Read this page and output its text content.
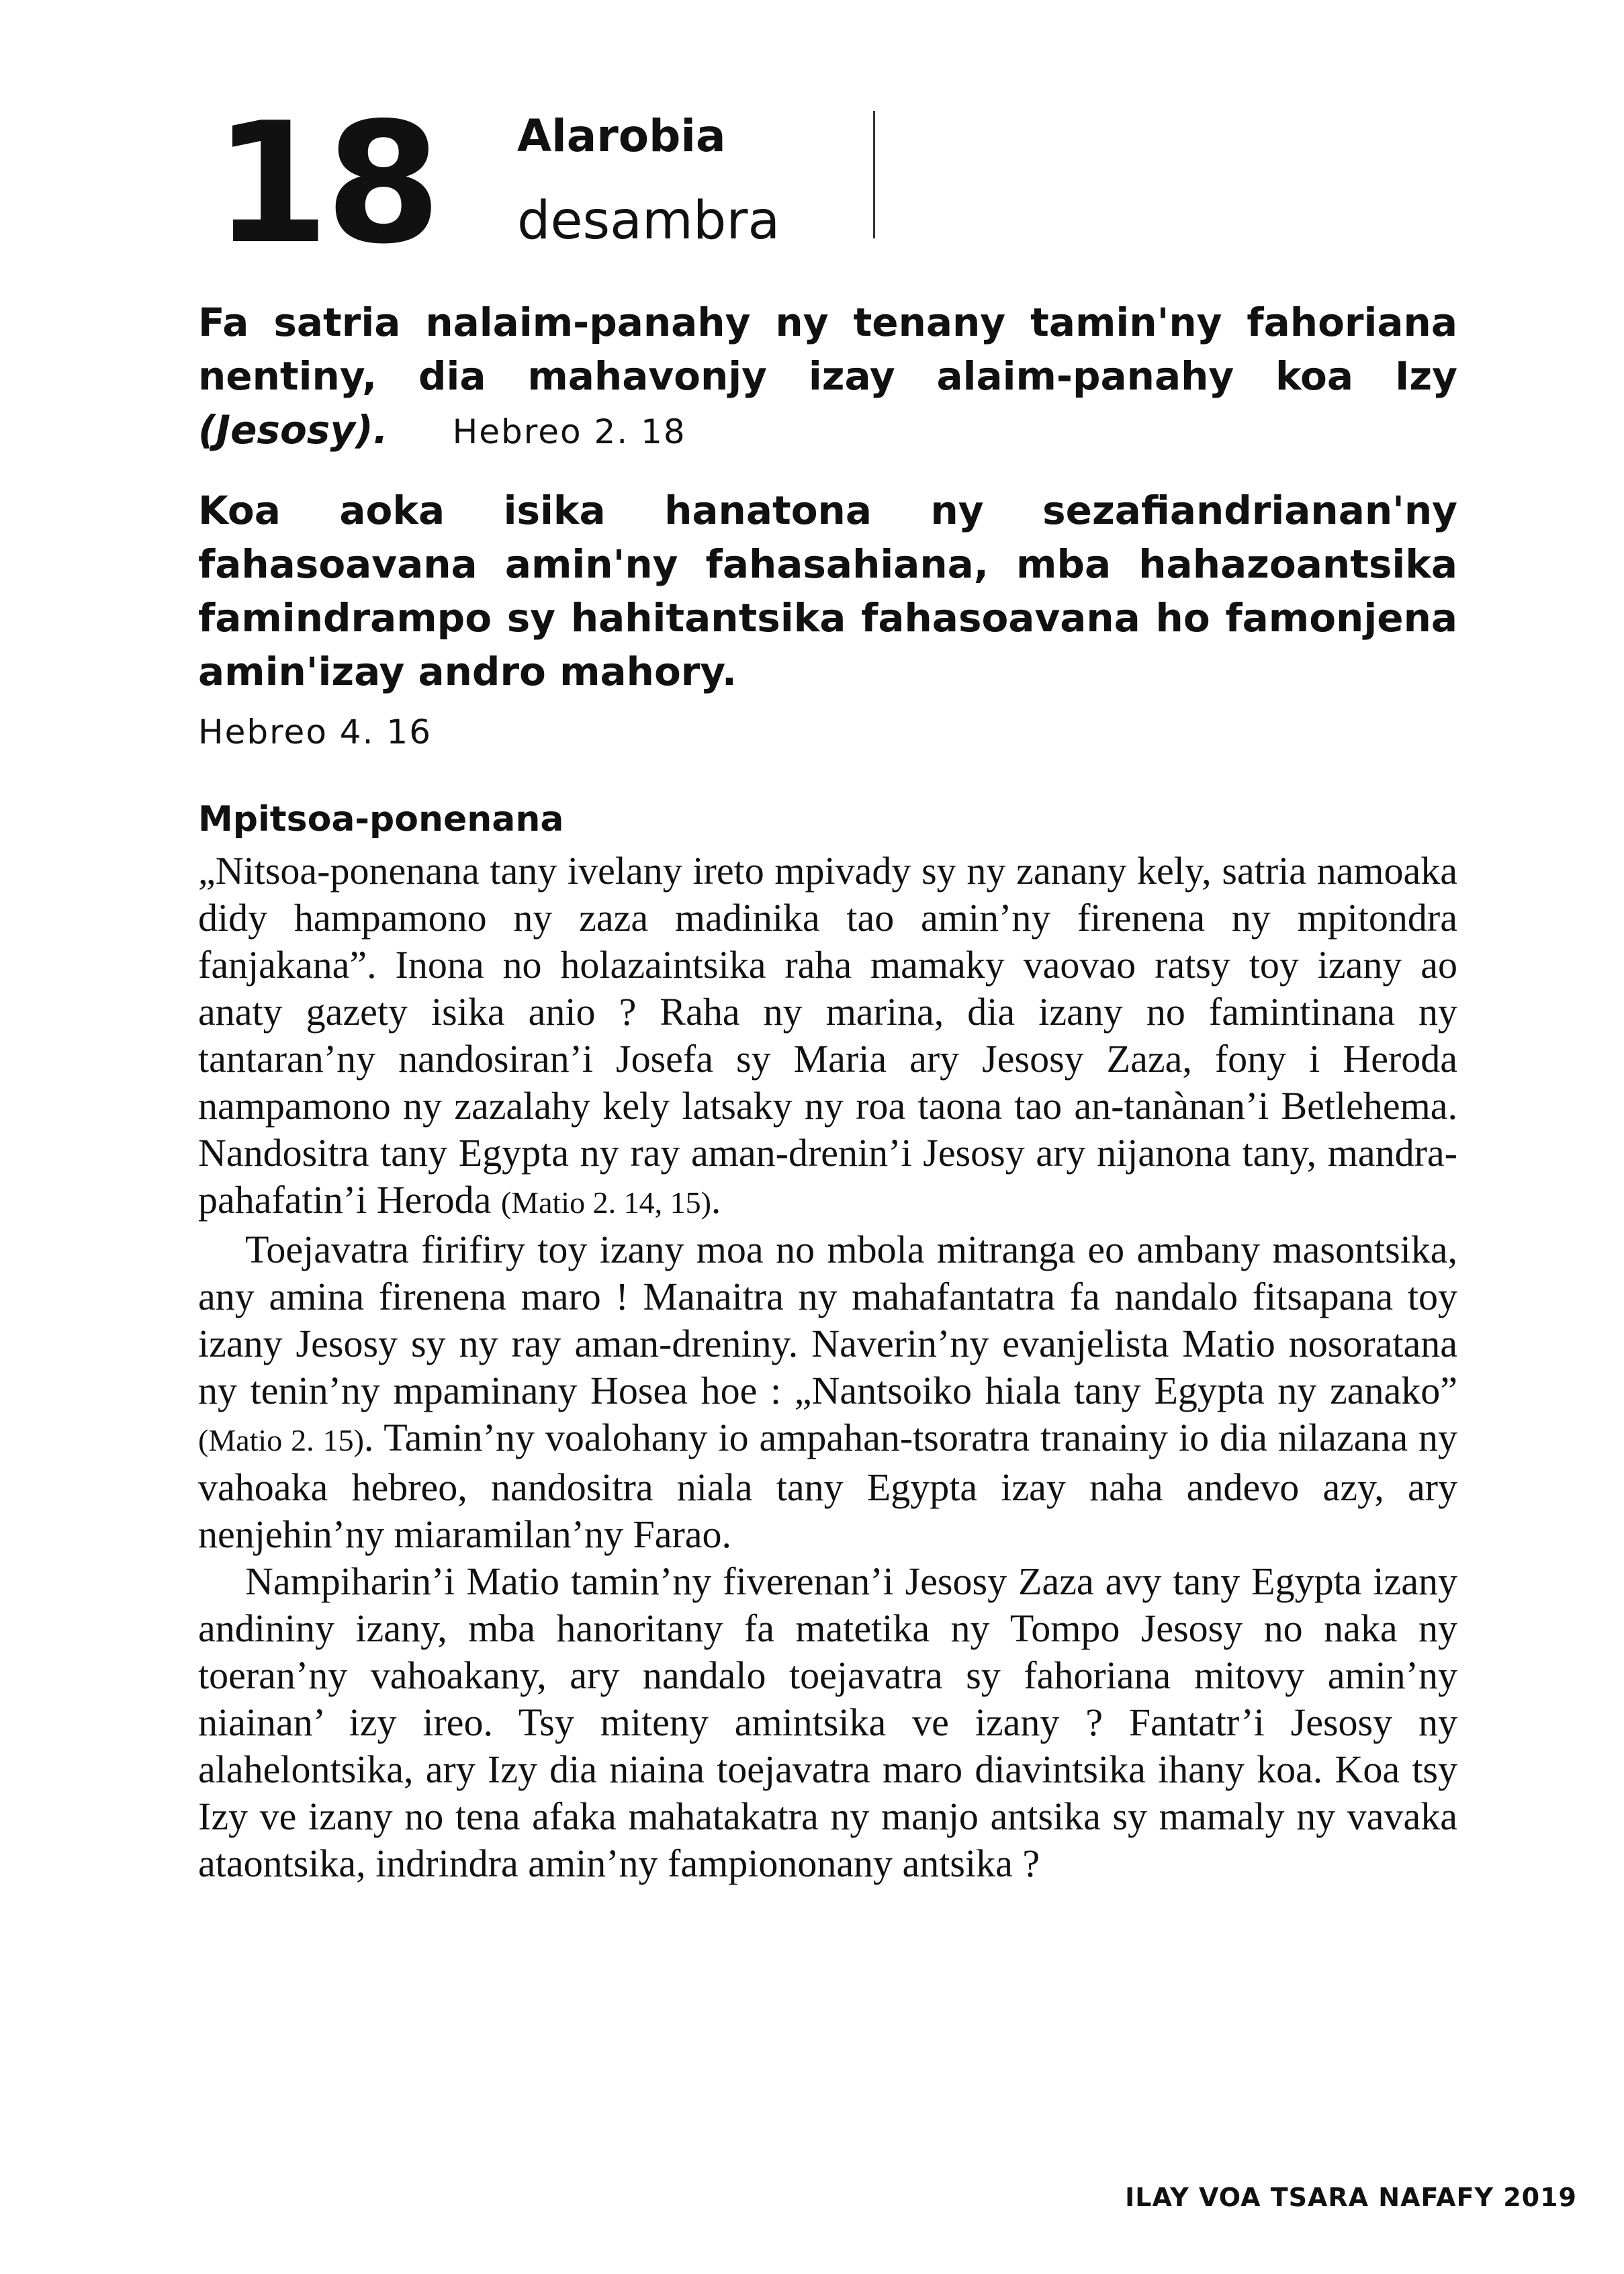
18 Alarobia
desambra
Fa satria nalaim-panahy ny tenany tamin'ny fahoriana nentiny, dia mahavonjy izay alaim-panahy koa Izy (Jesosy). Hebreo 2. 18
Koa aoka isika hanatona ny sezafiandrianan'ny fahasoavana amin'ny fahasahiana, mba hahazoantsika famindrampo sy hahitantsika fahasoavana ho famonjena amin'izay andro mahory.
Hebreo 4. 16
Mpitsoa-ponenana

„Nitsoa-ponenana tany ivelany ireto mpivady sy ny zanany kely, satria namoaka didy hampamono ny zaza madinika tao amin’ny firenena ny mpitondra fanjakana”. Inona no holazaintsika raha mamaky vaovao ratsy toy izany ao anaty gazety isika anio ? Raha ny marina, dia izany no famintinana ny tantaran’ny nandosiran’i Josefa sy Maria ary Jesosy Zaza, fony i Heroda nampamono ny zazalahy kely latsaky ny roa taona tao an-tanànan’i Betlehema. Nandositra tany Egypta ny ray aman-drenin’i Jesosy ary nijanona tany, mandra-pahafatin’i Heroda (Matio 2. 14, 15).

Toejavatra firifiry toy izany moa no mbola mitranga eo ambany masontsika, any amina firenena maro ! Manaitra ny mahafantatra fa nandalo fitsapana toy izany Jesosy sy ny ray aman-dreniny. Naverin’ny evanjelista Matio nosoratana ny tenin’ny mpaminany Hosea hoe : „Nantsoiko hiala tany Egypta ny zanako” (Matio 2. 15). Tamin’ny voalohany io ampahan-tsoratra tranainy io dia nilazana ny vahoaka hebreo, nandositra niala tany Egypta izay naha andevo azy, ary nenjehin’ny miaramilan’ny Farao.

Nampiharin’i Matio tamin’ny fiverenan’i Jesosy Zaza avy tany Egypta izany andininy izany, mba hanoritany fa matetika ny Tompo Jesosy no naka ny toeran’ny vahoakany, ary nandalo toejavatra sy fahoriana mitovy amin’ny niainan’ izy ireo. Tsy miteny amintsika ve izany ? Fantatr’i Jesosy ny alahelontsika, ary Izy dia niaina toejavatra maro diavintsika ihany koa. Koa tsy Izy ve izany no tena afaka mahatakatra ny manjo antsika sy mamaly ny vavaka ataontsika, indrindra amin’ny fampiononany antsika ?

ILAY VOA TSARA NAFAFY 2019
